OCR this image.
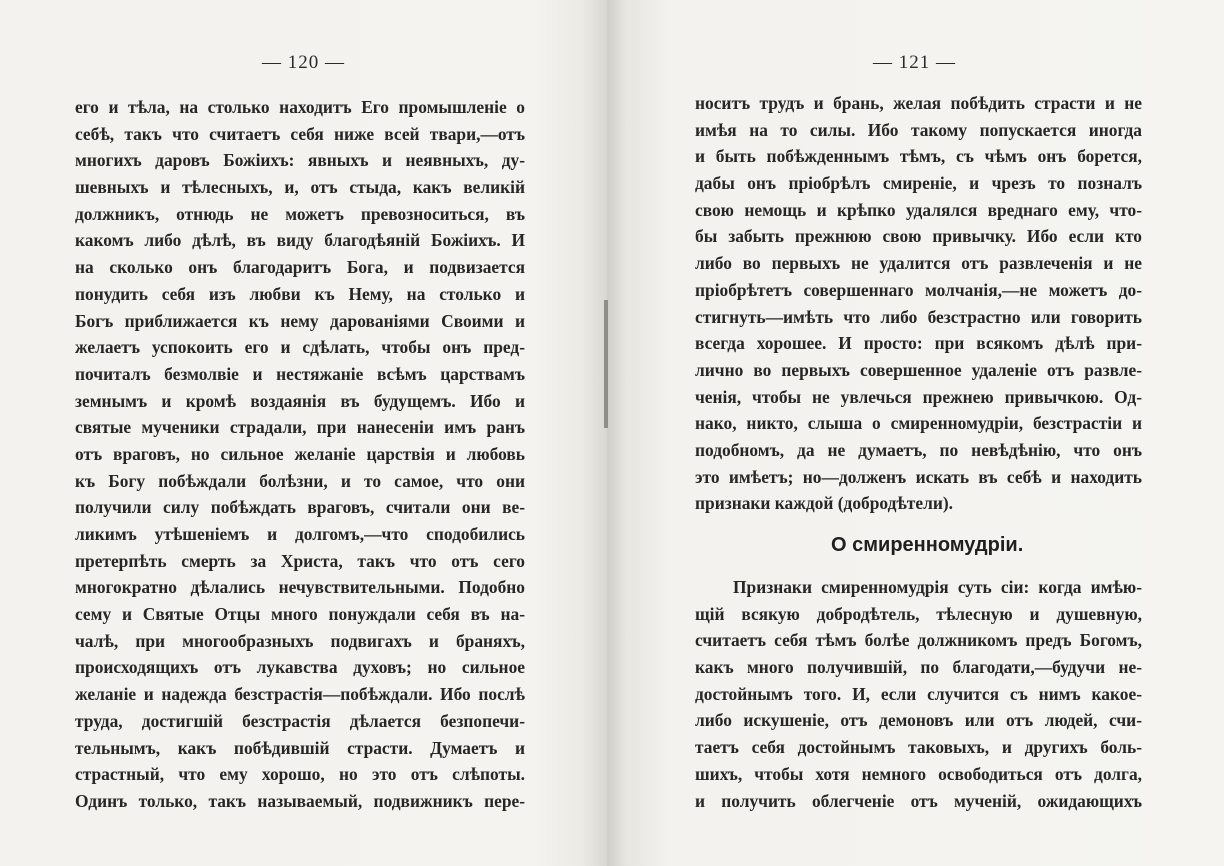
— 120 —
его и тѣла, на столько находитъ Его промышленіе о
себѣ, такъ что считаетъ себя ниже всей твари,—отъ
многихъ даровъ Божіихъ: явныхъ и неявныхъ, ду-
шевныхъ и тѣлесныхъ, и, отъ стыда, какъ великій
должникъ, отнюдь не можетъ превозноситься, въ
какомъ либо дѣлѣ, въ виду благодѣяній Божіихъ. И
на сколько онъ благодаритъ Бога, и подвизается
понудить себя изъ любви къ Нему, на столько и
Богъ приближается къ нему дарованіями Своими и
желаетъ успокоить его и сдѣлать, чтобы онъ пред-
почиталъ безмолвіе и нестяжаніе всѣмъ царствамъ
земнымъ и кромѣ воздаянія въ будущемъ. Ибо и
святые мученики страдали, при нанесеніи имъ ранъ
отъ враговъ, но сильное желаніе царствія и любовь
къ Богу побѣждали болѣзни, и то самое, что они
получили силу побѣждать враговъ, считали они ве-
ликимъ утѣшеніемъ и долгомъ,—что сподобились
претерпѣть смерть за Христа, такъ что отъ сего
многократно дѣлались нечувствительными. Подобно
сему и Святые Отцы много понуждали себя въ на-
чалѣ, при многообразныхъ подвигахъ и браняхъ,
происходящихъ отъ лукавства духовъ; но сильное
желаніе и надежда безстрастія—побѣждали. Ибо послѣ
труда, достигшій безстрастія дѣлается безпопечи-
тельнымъ, какъ побѣдившій страсти. Думаетъ и
страстный, что ему хорошо, но это отъ слѣпоты.
Одинъ только, такъ называемый, подвижникъ пере-
— 121 —
носитъ трудъ и брань, желая побѣдить страсти и не
имѣя на то силы. Ибо такому попускается иногда
и быть побѣжденнымъ тѣмъ, съ чѣмъ онъ борется,
дабы онъ пріобрѣлъ смиреніе, и чрезъ то позналъ
свою немощь и крѣпко удалялся вреднаго ему, что-
бы забыть прежнюю свою привычку. Ибо если кто
либо во первыхъ не удалится отъ развлеченія и не
пріобрѣтетъ совершеннаго молчанія,—не можетъ до-
стигнуть—имѣть что либо безстрастно или говорить
всегда хорошее. И просто: при всякомъ дѣлѣ при-
лично во первыхъ совершенное удаленіе отъ развле-
ченія, чтобы не увлечься прежнею привычкою. Од-
нако, никто, слыша о смиренномудріи, безстрастіи и
подобномъ, да не думаетъ, по невѣдѣнію, что онъ
это имѣетъ; но—долженъ искать въ себѣ и находить
признаки каждой (добродѣтели).
О смиренномудріи.
Признаки смиренномудрія суть сіи: когда имѣю-
щій всякую добродѣтель, тѣлесную и душевную,
считаетъ себя тѣмъ болѣе должникомъ предъ Богомъ,
какъ много получившій, по благодати,—будучи не-
достойнымъ того. И, если случится съ нимъ какое-
либо искушеніе, отъ демоновъ или отъ людей, счи-
таетъ себя достойнымъ таковыхъ, и другихъ боль-
шихъ, чтобы хотя немного освободиться отъ долга,
и получить облегченіе отъ мученій, ожидающихъ
